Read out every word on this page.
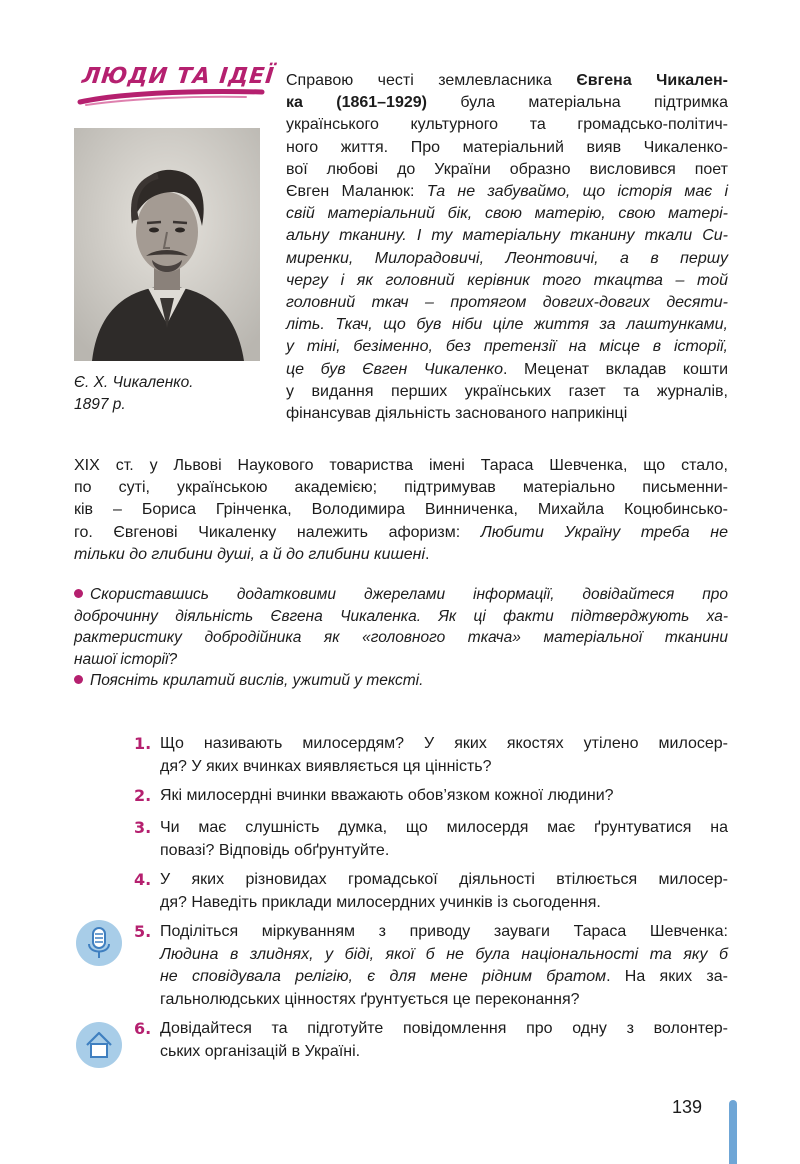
ЛЮДИ ТА ІДЕЇ
Є. Х. Чикаленко.
1897 р.
Справою честі землевласника Євгена Чикален-
ка (1861–1929) була матеріальна підтримка
українського культурного та громадсько-політич-
ного життя. Про матеріальний вияв Чикаленко-
вої любові до України образно висловився поет
Євген Маланюк: Та не забуваймо, що історія має і
свій матеріальний бік, свою матерію, свою матері-
альну тканину. І ту матеріальну тканину ткали Си-
миренки, Милорадовичі, Леонтовичі, а в першу
чергу і як головний керівник того ткацтва – той
головний ткач – протягом довгих-довгих десяти-
літь. Ткач, що був ніби ціле життя за лаштунками,
у тіні, безіменно, без претензії на місце в історії,
це був Євген Чикаленко. Меценат вкладав кошти
у видання перших українських газет та журналів,
фінансував діяльність заснованого наприкінці
XIX ст. у Львові Наукового товариства імені Тараса Шевченка, що стало,
по суті, українською академією; підтримував матеріально письменни-
ків – Бориса Грінченка, Володимира Винниченка, Михайла Коцюбинсько-
го. Євгенові Чикаленку належить афоризм: Любити Україну треба не
тільки до глибини душі, а й до глибини кишені.
Скориставшись додатковими джерелами інформації, довідайтеся про
доброчинну діяльність Євгена Чикаленка. Як ці факти підтверджують ха-
рактеристику добродійника як «головного ткача» матеріальної тканини
нашої історії?
Поясніть крилатий вислів, ужитий у тексті.
1. Що називають милосердям? У яких якостях утілено милосер-
дя? У яких вчинках виявляється ця цінність?
2. Які милосердні вчинки вважають обов’язком кожної людини?
3. Чи має слушність думка, що милосердя має ґрунтуватися на
повазі? Відповідь обґрунтуйте.
4. У яких різновидах громадської діяльності втілюється милосер-
дя? Наведіть приклади милосердних учинків із сьогодення.
5. Поділіться міркуванням з приводу зауваги Тараса Шевченка:
Людина в злиднях, у біді, якої б не була національності та яку б
не сповідувала релігію, є для мене рідним братом. На яких за-
гальнолюдських цінностях ґрунтується це переконання?
6. Довідайтеся та підготуйте повідомлення про одну з волонтер-
ських організацій в Україні.
139
